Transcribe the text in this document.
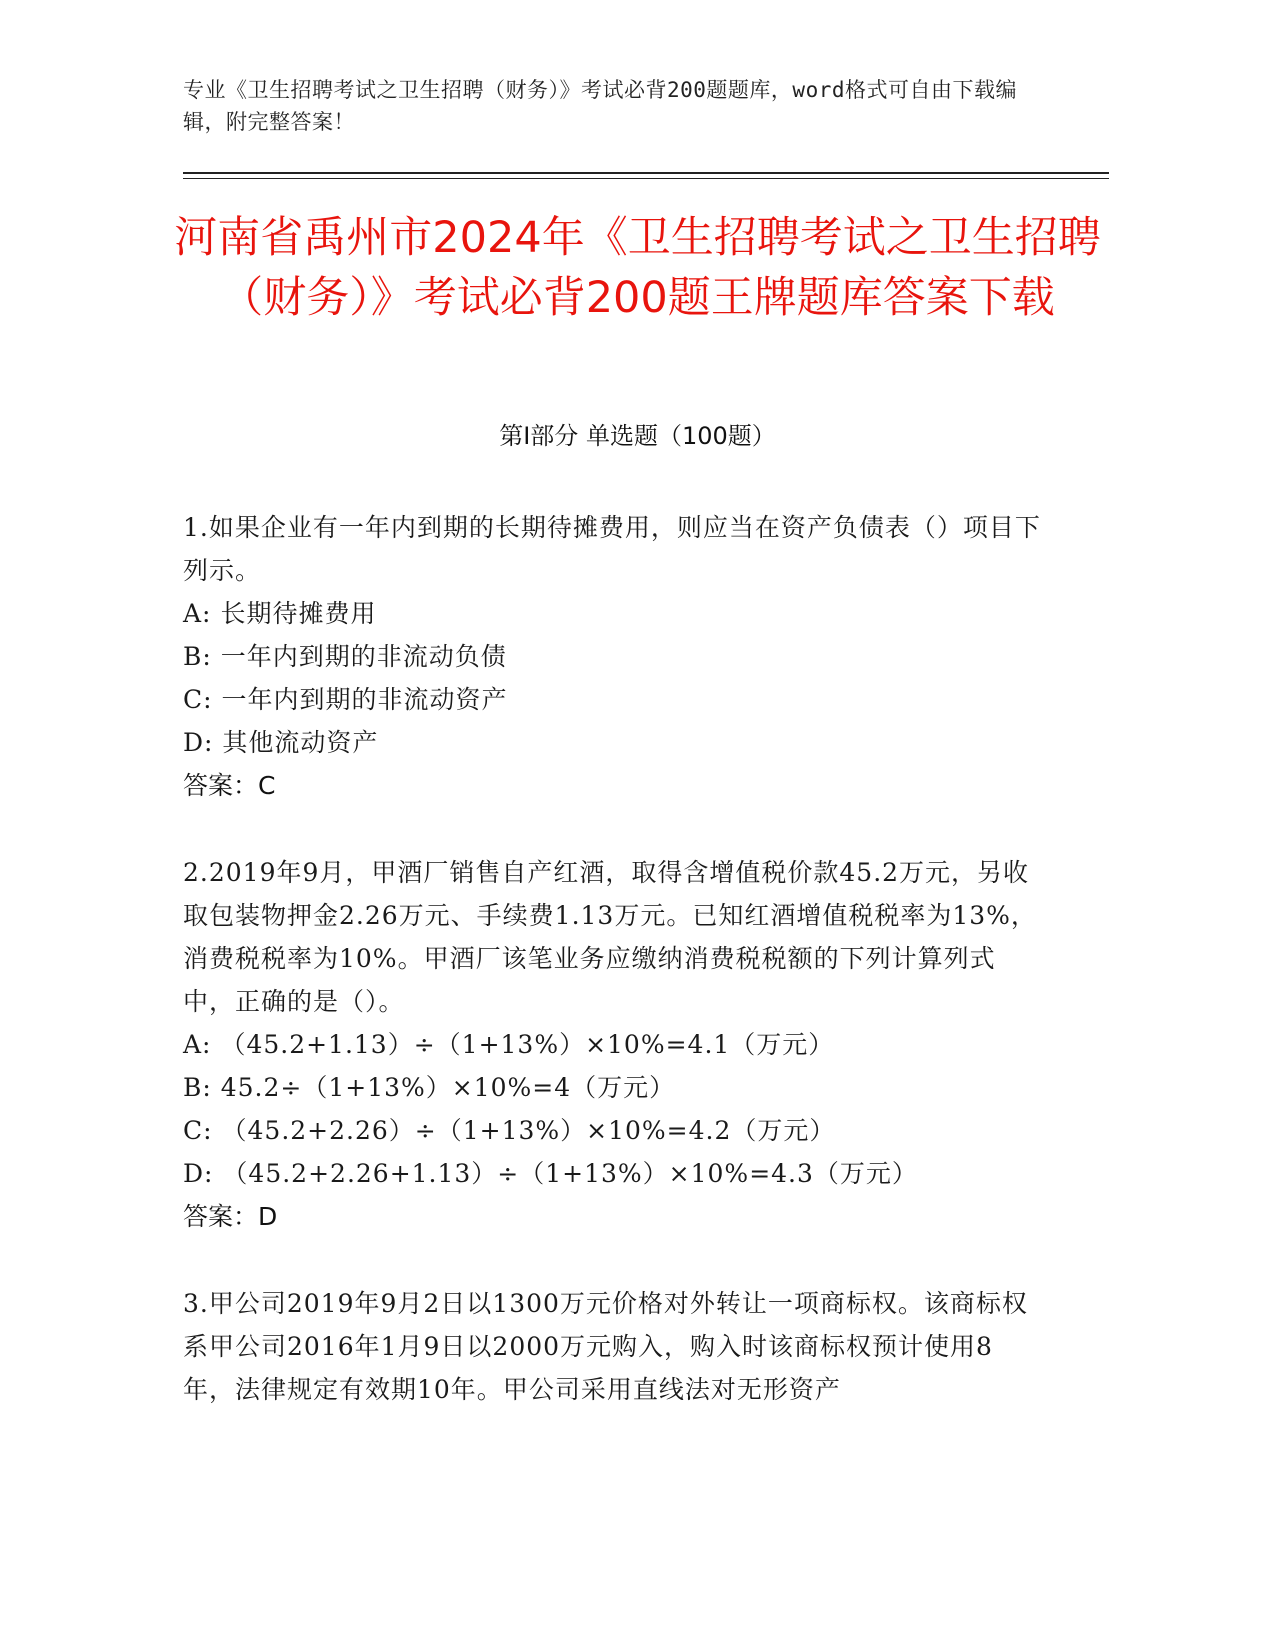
专业《卫生招聘考试之卫生招聘（财务）》考试必背200题题库，word格式可自由下载编辑，附完整答案！
河南省禹州市2024年《卫生招聘考试之卫生招聘（财务）》考试必背200题王牌题库答案下载
第Ⅰ部分 单选题（100题）
1.如果企业有一年内到期的长期待摊费用，则应当在资产负债表（）项目下列示。
A:
长期待摊费用
B:
一年内到期的非流动负债
C:
一年内到期的非流动资产
D:
其他流动资产
答案：C
2.2019年9月，甲酒厂销售自产红酒，取得含增值税价款45.2万元，另收取包装物押金2.26万元、手续费1.13万元。已知红酒增值税税率为13%，消费税税率为10%。甲酒厂该笔业务应缴纳消费税税额的下列计算列式中，正确的是（）。
A:
（45.2+1.13）÷（1+13%）×10%=4.1（万元）
B:
45.2÷（1+13%）×10%=4（万元）
C:
（45.2+2.26）÷（1+13%）×10%=4.2（万元）
D:
（45.2+2.26+1.13）÷（1+13%）×10%=4.3（万元）
答案：D
3.甲公司2019年9月2日以1300万元价格对外转让一项商标权。该商标权系甲公司2016年1月9日以2000万元购入，购入时该商标权预计使用8年，法律规定有效期10年。甲公司采用直线法对无形资产
